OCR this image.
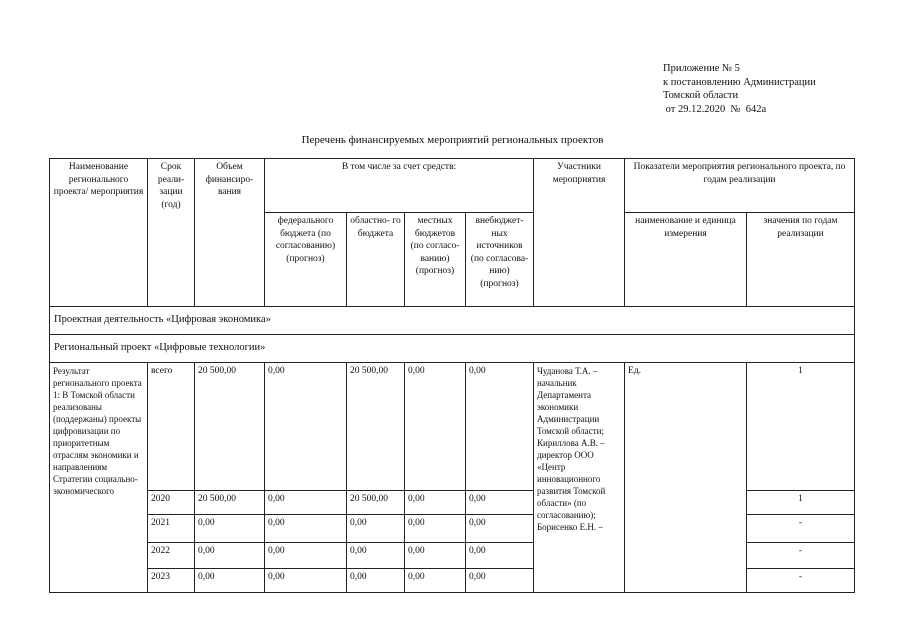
Приложение № 5
к постановлению Администрации
Томской области
от 29.12.2020  №  642а
Перечень финансируемых мероприятий региональных проектов
Наименование регионального проекта/ мероприятия	Срок реали- зации (год)	Объем финансиро- вания	В том числе за счет средств:				Участники мероприятия	Показатели мероприятия регионального проекта, по годам реализации	
			федерального бюджета (по согласованию) (прогноз)	областно- го бюджета	местных бюджетов (по согласо- ванию) (прогноз)	внебюджет- ных источников (по согласова- нию) (прогноз)		наименование и единица измерения	значения по годам реализации
Проектная деятельность «Цифровая экономика»									
Региональный проект «Цифровые технологии»									
Результат регионального проекта 1: В Томской области реализованы (поддержаны) проекты цифровизации по приоритетным отраслям экономики и направлениям Стратегии социально- экономического	всего	20 500,00	0,00	20 500,00	0,00	0,00	Чуданова Т.А. – начальник Департамента экономики Администрации Томской области; Кириллова А.В. – директор ООО «Центр инновационного развития Томской области» (по согласованию); Борисенко Е.Н. –	Ед.	1
	2020	20 500,00	0,00	20 500,00	0,00	0,00			1
	2021	0,00	0,00	0,00	0,00	0,00			-
	2022	0,00	0,00	0,00	0,00	0,00			-
	2023	0,00	0,00	0,00	0,00	0,00			-
